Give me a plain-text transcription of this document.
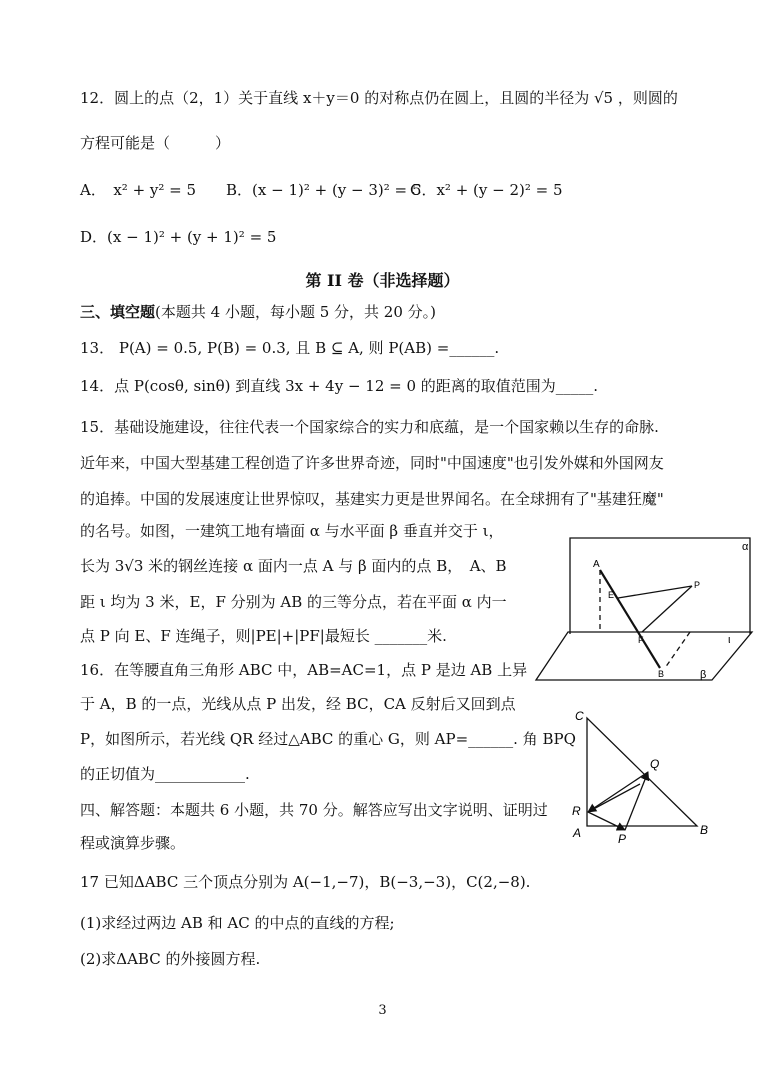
12．圆上的点（2，1）关于直线 x＋y＝0 的对称点仍在圆上，且圆的半径为 √5 ，则圆的
方程可能是（　　　）
A．　x² + y² = 5 B．(x − 1)² + (y − 3)² = 5
C．x² + (y − 2)² = 5
D．(x − 1)² + (y + 1)² = 5
第 II 卷（非选择题）
三、填空题(本题共 4 小题，每小题 5 分，共 20 分。)
13． P(A) = 0.5, P(B) = 0.3, 且 B ⊆ A, 则 P(AB) =______.
14．点 P(cosθ, sinθ) 到直线 3x + 4y − 12 = 0 的距离的取值范围为_____.
15．基础设施建设，往往代表一个国家综合的实力和底蕴，是一个国家赖以生存的命脉.
近年来，中国大型基建工程创造了许多世界奇迹，同时"中国速度"也引发外媒和外国网友
的追捧。中国的发展速度让世界惊叹，基建实力更是世界闻名。在全球拥有了"基建狂魔"
的名号。如图，一建筑工地有墙面 α 与水平面 β 垂直并交于 ι，
长为 3√3 米的钢丝连接 α 面内一点 A 与 β 面内的点 B，　A、B
距 ι 均为 3 米，E，F 分别为 AB 的三等分点，若在平面 α 内一
点 P 向 E、F 连绳子，则|PE|+|PF|最短长 _______米.
16．在等腰直角三角形 ABC 中，AB=AC=1，点 P 是边 AB 上异
于 A，B 的一点，光线从点 P 出发，经 BC，CA 反射后又回到点
P，如图所示，若光线 QR 经过△ABC 的重心 G，则 AP=______. 角 BPQ
的正切值为____________.
四、解答题：本题共 6 小题，共 70 分。解答应写出文字说明、证明过
程或演算步骤。
17 已知ΔABC 三个顶点分别为 A(−1,−7)，B(−3,−3)，C(2,−8).
(1)求经过两边 AB 和 AC 的中点的直线的方程;
(2)求ΔABC 的外接圆方程.
α
A
E
P
F	ι
B	β
C
Q
R
A	P
B
3
